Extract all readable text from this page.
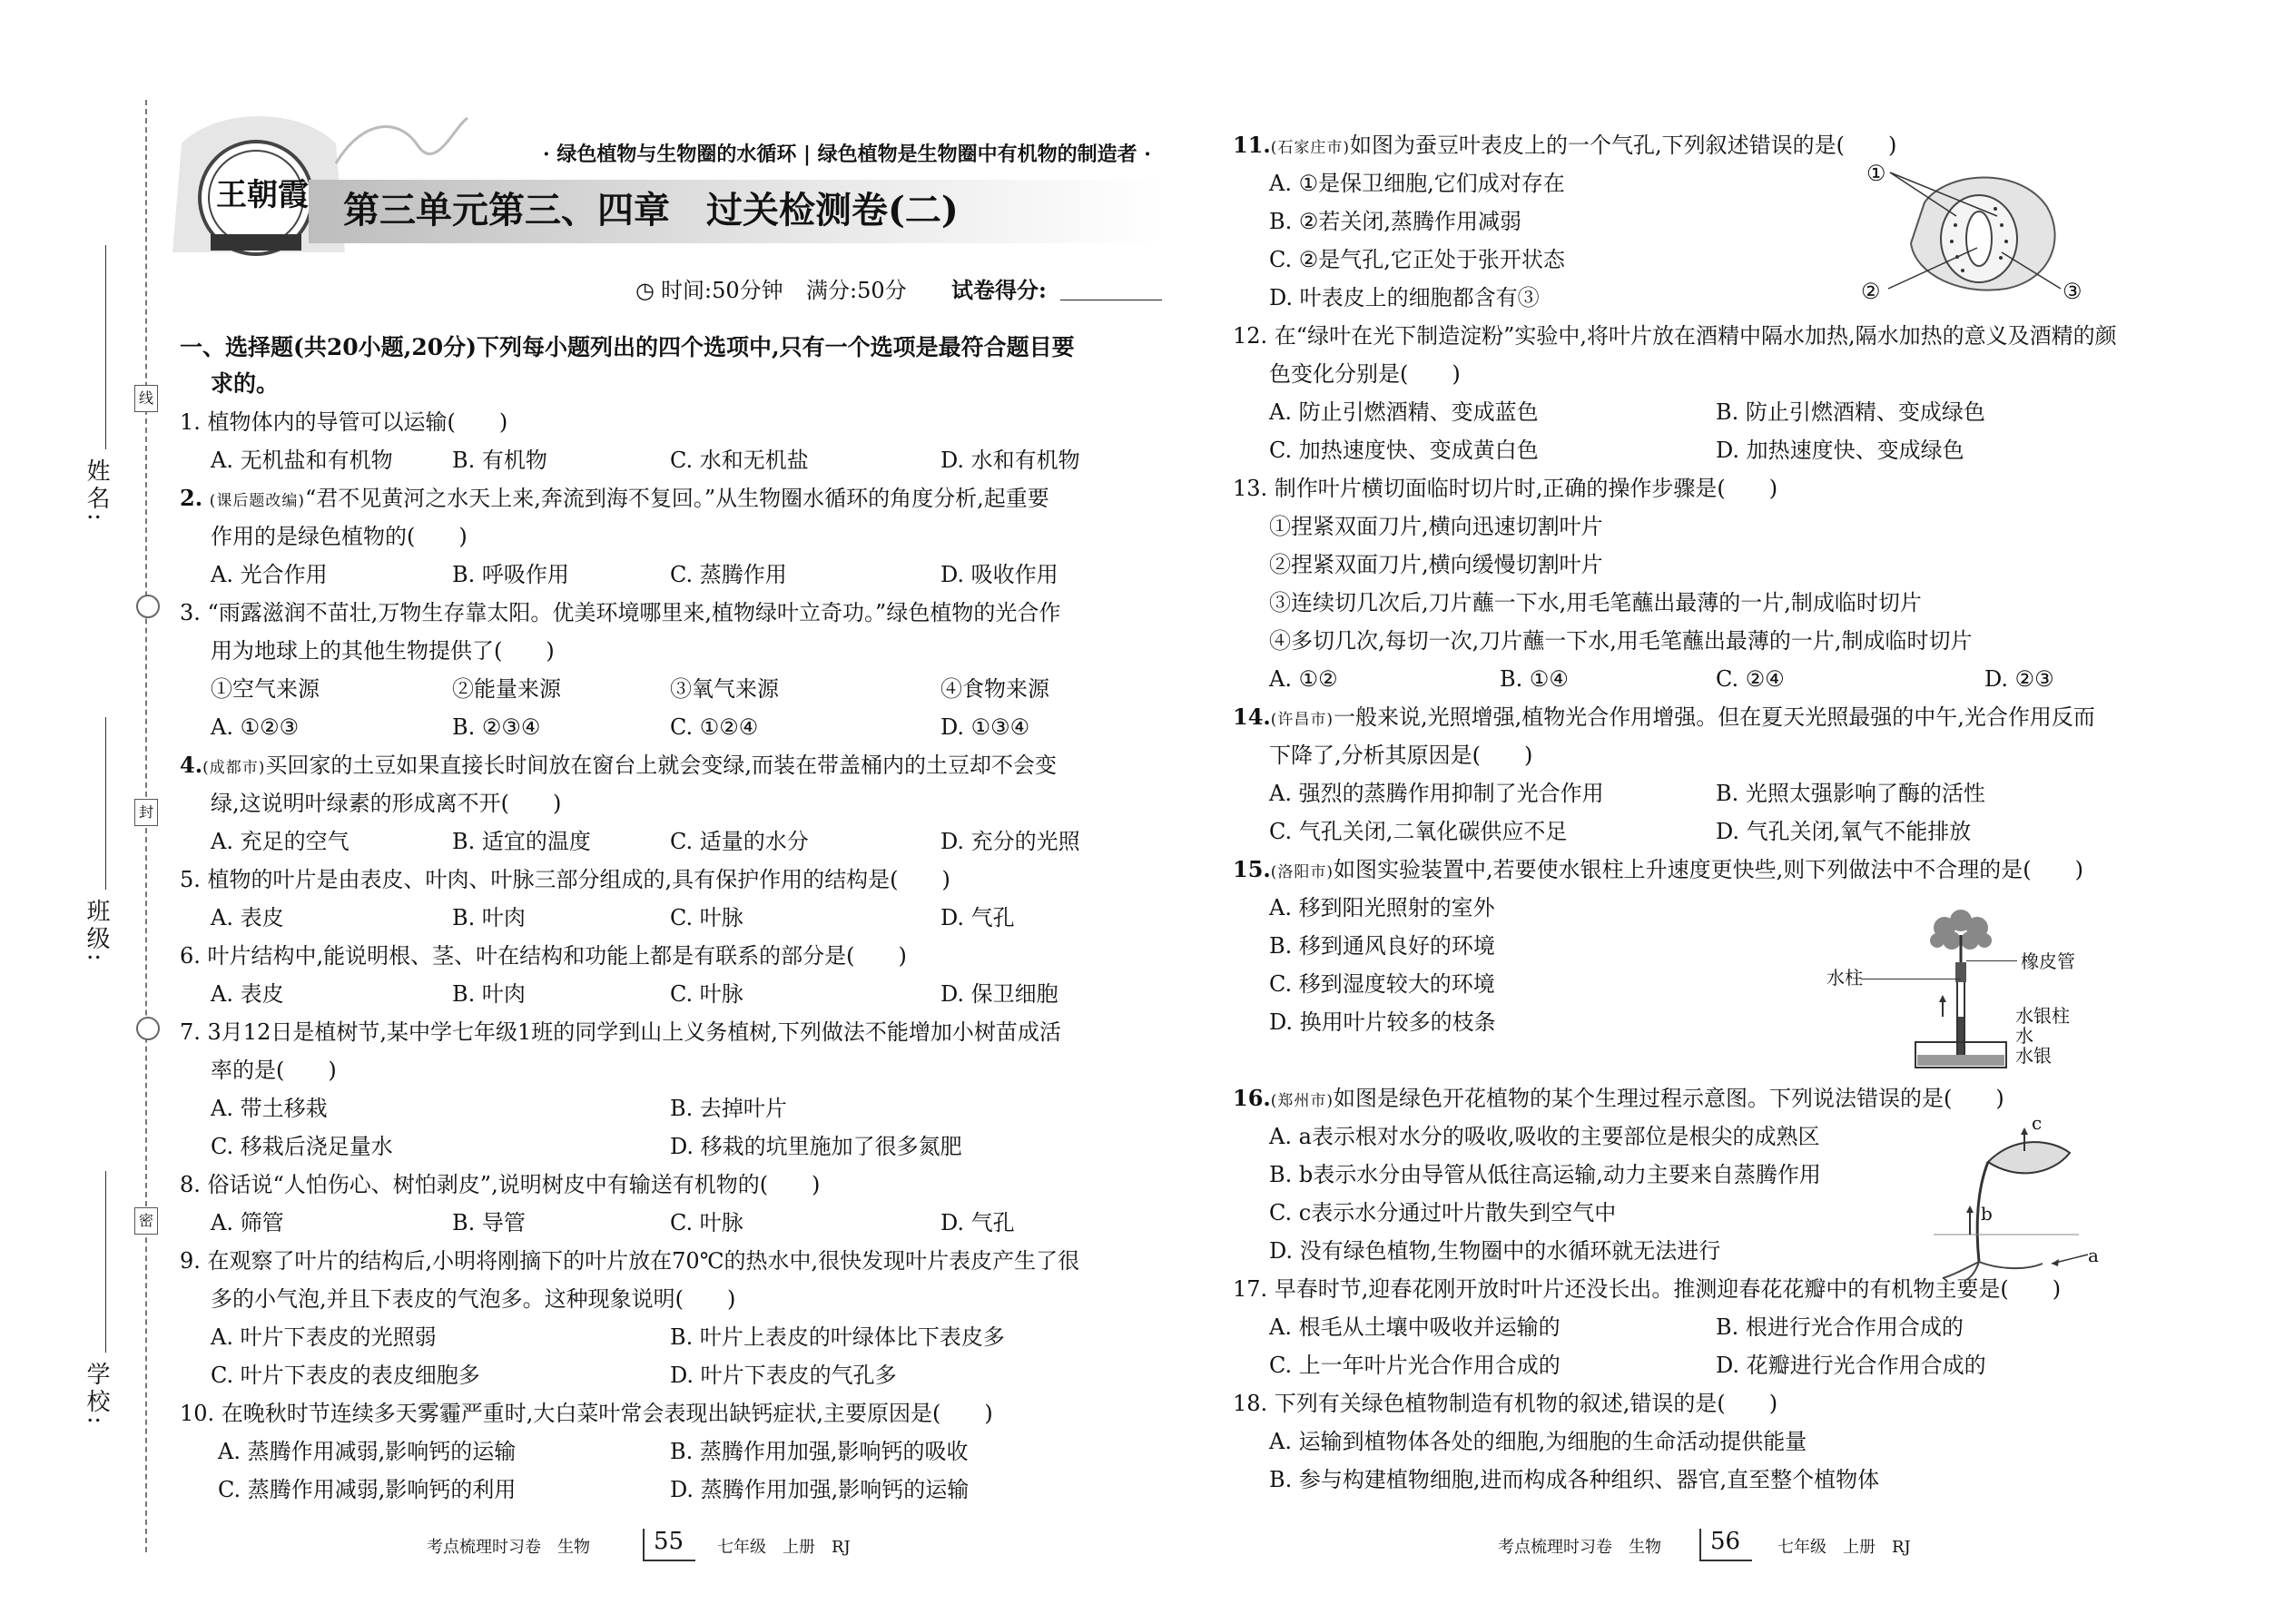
线
封
密
学校:
班级:
姓名:
王朝霞
· 绿色植物与生物圈的水循环 | 绿色植物是生物圈中有机物的制造者 ·
第三单元第三、四章　过关检测卷(二)
◷ 时间:50分钟 满分:50分 试卷得分:
一、选择题(共20小题,20分)下列每小题列出的四个选项中,只有一个选项是最符合题目要
求的。
1. 植物体内的导管可以运输(　　)
A. 无机盐和有机物	B. 有机物	C. 水和无机盐	D. 水和有机物
2. (课后题改编)“君不见黄河之水天上来,奔流到海不复回。”从生物圈水循环的角度分析,起重要
作用的是绿色植物的(　　)
A. 光合作用	B. 呼吸作用	C. 蒸腾作用	D. 吸收作用
3. “雨露滋润不苗壮,万物生存靠太阳。优美环境哪里来,植物绿叶立奇功。”绿色植物的光合作
用为地球上的其他生物提供了(　　)
①空气来源	②能量来源	③氧气来源	④食物来源
A. ①②③	B. ②③④	C. ①②④	D. ①③④
4.(成都市)买回家的土豆如果直接长时间放在窗台上就会变绿,而装在带盖桶内的土豆却不会变
绿,这说明叶绿素的形成离不开(　　)
A. 充足的空气	B. 适宜的温度	C. 适量的水分	D. 充分的光照
5. 植物的叶片是由表皮、叶肉、叶脉三部分组成的,具有保护作用的结构是(　　)
A. 表皮	B. 叶肉	C. 叶脉	D. 气孔
6. 叶片结构中,能说明根、茎、叶在结构和功能上都是有联系的部分是(　　)
A. 表皮	B. 叶肉	C. 叶脉	D. 保卫细胞
7. 3月12日是植树节,某中学七年级1班的同学到山上义务植树,下列做法不能增加小树苗成活
率的是(　　)
A. 带土移栽	B. 去掉叶片
C. 移栽后浇足量水	D. 移栽的坑里施加了很多氮肥
8. 俗话说“人怕伤心、树怕剥皮”,说明树皮中有输送有机物的(　　)
A. 筛管	B. 导管	C. 叶脉	D. 气孔
9. 在观察了叶片的结构后,小明将刚摘下的叶片放在70℃的热水中,很快发现叶片表皮产生了很
多的小气泡,并且下表皮的气泡多。这种现象说明(　　)
A. 叶片下表皮的光照弱	B. 叶片上表皮的叶绿体比下表皮多
C. 叶片下表皮的表皮细胞多	D. 叶片下表皮的气孔多
10. 在晚秋时节连续多天雾霾严重时,大白菜叶常会表现出缺钙症状,主要原因是(　　)
A. 蒸腾作用减弱,影响钙的运输	B. 蒸腾作用加强,影响钙的吸收
C. 蒸腾作用减弱,影响钙的利用	D. 蒸腾作用加强,影响钙的运输
考点梳理时习卷　生物	55 七年级　上册　RJ
11.(石家庄市)如图为蚕豆叶表皮上的一个气孔,下列叙述错误的是(　　)
A. ①是保卫细胞,它们成对存在
B. ②若关闭,蒸腾作用减弱
C. ②是气孔,它正处于张开状态
D. 叶表皮上的细胞都含有③
①
②	③
12. 在“绿叶在光下制造淀粉”实验中,将叶片放在酒精中隔水加热,隔水加热的意义及酒精的颜
色变化分别是(　　)
A. 防止引燃酒精、变成蓝色	B. 防止引燃酒精、变成绿色
C. 加热速度快、变成黄白色	D. 加热速度快、变成绿色
13. 制作叶片横切面临时切片时,正确的操作步骤是(　　)
①捏紧双面刀片,横向迅速切割叶片
②捏紧双面刀片,横向缓慢切割叶片
③连续切几次后,刀片蘸一下水,用毛笔蘸出最薄的一片,制成临时切片
④多切几次,每切一次,刀片蘸一下水,用毛笔蘸出最薄的一片,制成临时切片
A. ①②	B. ①④	C. ②④	D. ②③
14.(许昌市)一般来说,光照增强,植物光合作用增强。但在夏天光照最强的中午,光合作用反而
下降了,分析其原因是(　　)
A. 强烈的蒸腾作用抑制了光合作用	B. 光照太强影响了酶的活性
C. 气孔关闭,二氧化碳供应不足	D. 气孔关闭,氧气不能排放
15.(洛阳市)如图实验装置中,若要使水银柱上升速度更快些,则下列做法中不合理的是(　　)
A. 移到阳光照射的室外
B. 移到通风良好的环境
C. 移到湿度较大的环境
D. 换用叶片较多的枝条
水柱
橡皮管
水银柱
水
水银
16.(郑州市)如图是绿色开花植物的某个生理过程示意图。下列说法错误的是(　　)
A. a表示根对水分的吸收,吸收的主要部位是根尖的成熟区
B. b表示水分由导管从低往高运输,动力主要来自蒸腾作用
C. c表示水分通过叶片散失到空气中
D. 没有绿色植物,生物圈中的水循环就无法进行
c
b
a
17. 早春时节,迎春花刚开放时叶片还没长出。推测迎春花花瓣中的有机物主要是(　　)
A. 根毛从土壤中吸收并运输的	B. 根进行光合作用合成的
C. 上一年叶片光合作用合成的	D. 花瓣进行光合作用合成的
18. 下列有关绿色植物制造有机物的叙述,错误的是(　　)
A. 运输到植物体各处的细胞,为细胞的生命活动提供能量
B. 参与构建植物细胞,进而构成各种组织、器官,直至整个植物体
考点梳理时习卷　生物 56 七年级　上册　RJ
